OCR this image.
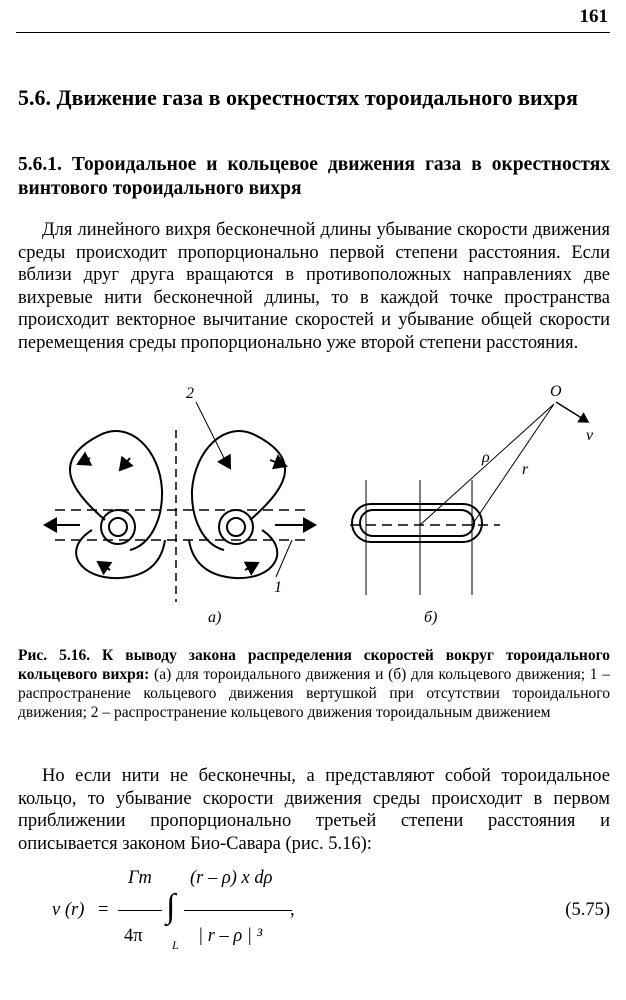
161
5.6. Движение газа в окрестностях тороидального вихря
5.6.1. Тороидальное и кольцевое движения газа в окрестностях винтового тороидального вихря
Для линейного вихря бесконечной длины убывание скорости движения среды происходит пропорционально первой степени расстояния. Если вблизи друг друга вращаются в противоположных направлениях две вихревые нити бесконечной длины, то в каждой точке пространства происходит векторное вычитание скоростей и убывание общей скорости перемещения среды пропорционально уже второй степени расстояния.
2
1
а)	б)
O
v
ρ
r
Рис. 5.16. К выводу закона распределения скоростей вокруг тороидального кольцевого вихря: (а) для тороидального движения и (б) для кольцевого движения; 1 – распространение кольцевого движения вертушкой при отсутствии тороидального движения; 2 – распространение кольцевого движения тороидальным движением
Но если нити не бесконечны, а представляют собой тороидальное кольцо, то убывание скорости движения среды происходит в первом приближении пропорционально третьей степени расстояния и описывается законом Био-Савара (рис. 5.16):
v (r) =
Γт
4π
∫
L
(r – ρ) x dρ
| r – ρ | ³
,	(5.75)
